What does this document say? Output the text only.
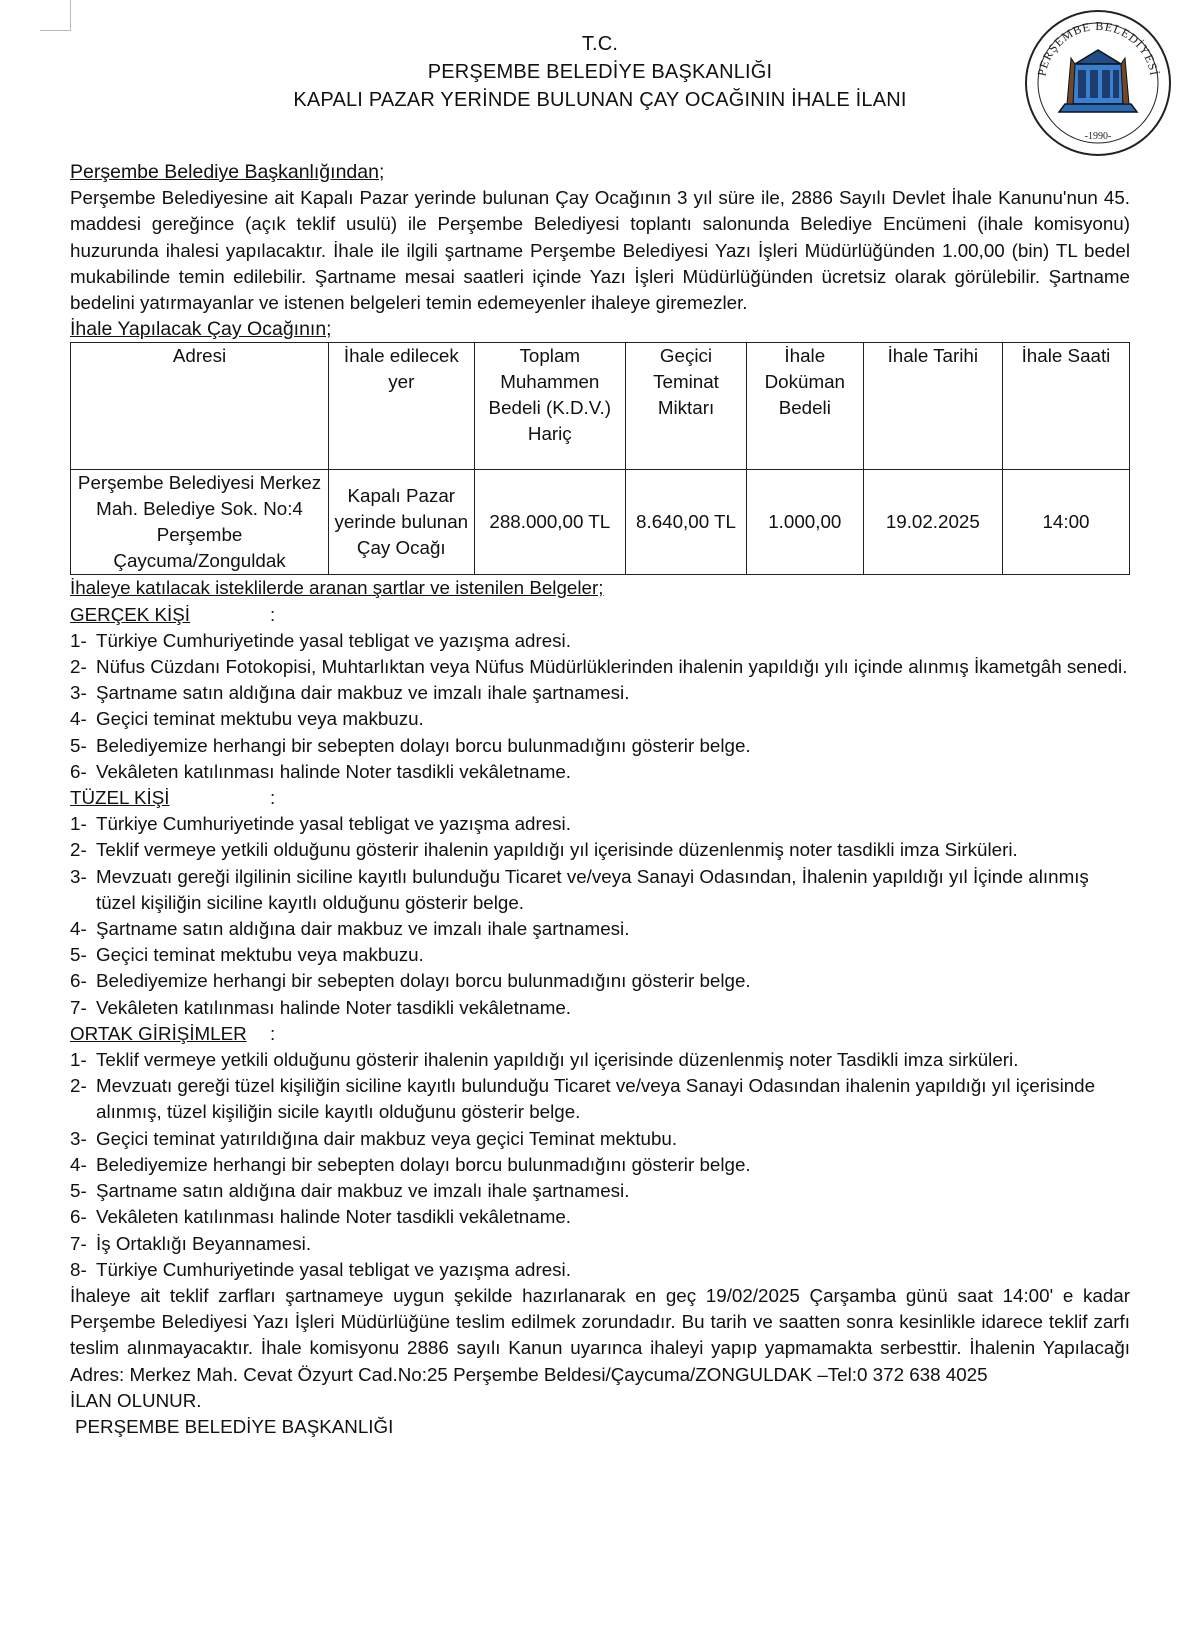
T.C.
PERŞEMBE BELEDİYE BAŞKANLIĞI
KAPALI PAZAR YERİNDE BULUNAN ÇAY OCAĞININ İHALE İLANI
PERŞEMBE BELEDİYESİ
-1990-

Perşembe Belediye Başkanlığından;

Perşembe Belediyesine ait Kapalı Pazar yerinde bulunan Çay Ocağının 3 yıl süre ile, 2886 Sayılı Devlet İhale Kanunu'nun 45. maddesi gereğince (açık teklif usulü) ile Perşembe Belediyesi toplantı salonunda Belediye Encümeni (ihale komisyonu) huzurunda ihalesi yapılacaktır. İhale ile ilgili şartname Perşembe Belediyesi Yazı İşleri Müdürlüğünden 1.00,00 (bin) TL bedel mukabilinde temin edilebilir. Şartname mesai saatleri içinde Yazı İşleri Müdürlüğünden ücretsiz olarak görülebilir. Şartname bedelini yatırmayanlar ve istenen belgeleri temin edemeyenler ihaleye giremezler.

İhale Yapılacak Çay Ocağının;

Adresi	İhale edilecek yer	Toplam Muhammen Bedeli (K.D.V.) Hariç	Geçici Teminat Miktarı	İhale Doküman Bedeli	İhale Tarihi	İhale Saati
Perşembe Belediyesi Merkez Mah. Belediye Sok. No:4 Perşembe Çaycuma/Zonguldak	Kapalı Pazar yerinde bulunan Çay Ocağı	288.000,00 TL	8.640,00 TL	1.000,00	19.02.2025	14:00

İhaleye katılacak isteklilerde aranan şartlar ve istenilen Belgeler;

GERÇEK KİŞİ	:

1- Türkiye Cumhuriyetinde yasal tebligat ve yazışma adresi.
2- Nüfus Cüzdanı Fotokopisi, Muhtarlıktan veya Nüfus Müdürlüklerinden ihalenin yapıldığı yılı içinde alınmış İkametgâh senedi.
3- Şartname satın aldığına dair makbuz ve imzalı ihale şartnamesi.
4- Geçici teminat mektubu veya makbuzu.
5- Belediyemize herhangi bir sebepten dolayı borcu bulunmadığını gösterir belge.
6- Vekâleten katılınması halinde Noter tasdikli vekâletname.

TÜZEL KİŞİ	:

1- Türkiye Cumhuriyetinde yasal tebligat ve yazışma adresi.
2- Teklif vermeye yetkili olduğunu gösterir ihalenin yapıldığı yıl içerisinde düzenlenmiş noter tasdikli imza Sirküleri.
3- Mevzuatı gereği ilgilinin siciline kayıtlı bulunduğu Ticaret ve/veya Sanayi Odasından, İhalenin yapıldığı yıl İçinde alınmış tüzel kişiliğin siciline kayıtlı olduğunu gösterir belge.
4- Şartname satın aldığına dair makbuz ve imzalı ihale şartnamesi.
5- Geçici teminat mektubu veya makbuzu.
6- Belediyemize herhangi bir sebepten dolayı borcu bulunmadığını gösterir belge.
7- Vekâleten katılınması halinde Noter tasdikli vekâletname.

ORTAK GİRİŞİMLER :

1- Teklif vermeye yetkili olduğunu gösterir ihalenin yapıldığı yıl içerisinde düzenlenmiş noter Tasdikli imza sirküleri.
2- Mevzuatı gereği tüzel kişiliğin siciline kayıtlı bulunduğu Ticaret ve/veya Sanayi Odasından ihalenin yapıldığı yıl içerisinde alınmış, tüzel kişiliğin sicile kayıtlı olduğunu gösterir belge.
3- Geçici teminat yatırıldığına dair makbuz veya geçici Teminat mektubu.
4- Belediyemize herhangi bir sebepten dolayı borcu bulunmadığını gösterir belge.
5- Şartname satın aldığına dair makbuz ve imzalı ihale şartnamesi.
6- Vekâleten katılınması halinde Noter tasdikli vekâletname.
7- İş Ortaklığı Beyannamesi.
8- Türkiye Cumhuriyetinde yasal tebligat ve yazışma adresi.

İhaleye ait teklif zarfları şartnameye uygun şekilde hazırlanarak en geç 19/02/2025 Çarşamba günü saat 14:00' e kadar Perşembe Belediyesi Yazı İşleri Müdürlüğüne teslim edilmek zorundadır. Bu tarih ve saatten sonra kesinlikle idarece teklif zarfı teslim alınmayacaktır. İhale komisyonu 2886 sayılı Kanun uyarınca ihaleyi yapıp yapmamakta serbesttir. İhalenin Yapılacağı Adres: Merkez Mah. Cevat Özyurt Cad.No:25 Perşembe Beldesi/Çaycuma/ZONGULDAK –Tel:0 372 638 4025

İLAN OLUNUR.

PERŞEMBE BELEDİYE BAŞKANLIĞI
